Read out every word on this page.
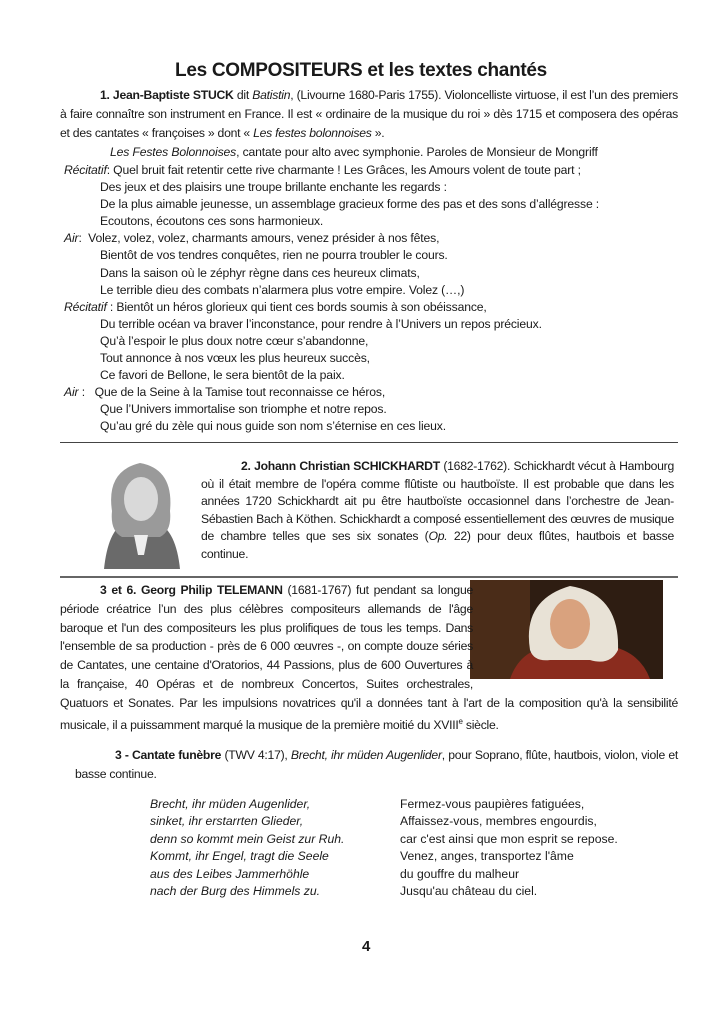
Les COMPOSITEURS et les textes chantés
1. Jean-Baptiste STUCK dit Batistin, (Livourne 1680-Paris 1755). Violoncelliste virtuose, il est l’un des premiers à faire connaître son instrument en France. Il est « ordinaire de la musique du roi » dès 1715 et composera des opéras et des cantates « françoises » dont « Les festes bolonnoises ».
Les Festes Bolonnoises, cantate pour alto avec symphonie. Paroles de Monsieur de Mongriff
Récitatif: Quel bruit fait retentir cette rive charmante ! Les Grâces, les Amours volent de toute part ;
Des jeux et des plaisirs une troupe brillante enchante les regards :
De la plus aimable jeunesse, un assemblage gracieux forme des pas et des sons d’allégresse :
Ecoutons, écoutons ces sons harmonieux.
Air:  Volez, volez, volez, charmants amours, venez présider à nos fêtes,
Bientôt de vos tendres conquêtes, rien ne pourra troubler le cours.
Dans la saison où le zéphyr règne dans ces heureux climats,
Le terrible dieu des combats n’alarmera plus votre empire. Volez (…,)
Récitatif : Bientôt un héros glorieux qui tient ces bords soumis à son obéissance,
Du terrible océan va braver l’inconstance, pour rendre à l’Univers un repos précieux.
Qu’à l’espoir le plus doux notre cœur s’abandonne,
Tout annonce à nos vœux les plus heureux succès,
Ce favori de Bellone, le sera bientôt de la paix.
Air :   Que de la Seine à la Tamise tout reconnaisse ce héros,
Que l’Univers immortalise son triomphe et notre repos.
Qu’au gré du zèle qui nous guide son nom s’éternise en ces lieux.
2. Johann Christian SCHICKHARDT (1682-1762). Schickhardt vécut à Hambourg où il était membre de l'opéra comme flûtiste ou hautboïste. Il est probable que dans les années 1720 Schickhardt ait pu être hautboïste occasionnel dans l’orchestre de Jean-Sébastien Bach à Köthen. Schickhardt a composé essentiellement des œuvres de musique de chambre telles que ses six sonates (Op. 22) pour deux flûtes, hautbois et basse continue.
3 et 6. Georg Philip TELEMANN (1681-1767) fut pendant sa longue période créatrice l’un des plus célèbres compositeurs allemands de l'âge baroque et l'un des compositeurs les plus prolifiques de tous les temps. Dans l'ensemble de sa production - près de 6 000 œuvres -, on compte douze séries de Cantates, une centaine d'Oratorios, 44 Passions, plus de 600 Ouvertures à la française, 40 Opéras et de nombreux Concertos, Suites orchestrales, Quatuors et Sonates. Par les impulsions novatrices qu'il a données tant à l'art de la composition qu'à la sensibilité musicale, il a puissamment marqué la musique de la première moitié du XVIIIe siècle.
3 - Cantate funèbre (TWV 4:17), Brecht, ihr müden Augenlider, pour Soprano, flûte, hautbois, violon, viole et basse continue.
Brecht, ihr müden Augenlider,
sinket, ihr erstarrten Glieder,
denn so kommt mein Geist zur Ruh.
Kommt, ihr Engel, tragt die Seele
aus des Leibes Jammerhöhle
nach der Burg des Himmels zu.
Fermez-vous paupières fatiguées,
Affaissez-vous, membres engourdis,
car c'est ainsi que mon esprit se repose.
Venez, anges, transportez l'âme
du gouffre du malheur
Jusqu'au château du ciel.
4
